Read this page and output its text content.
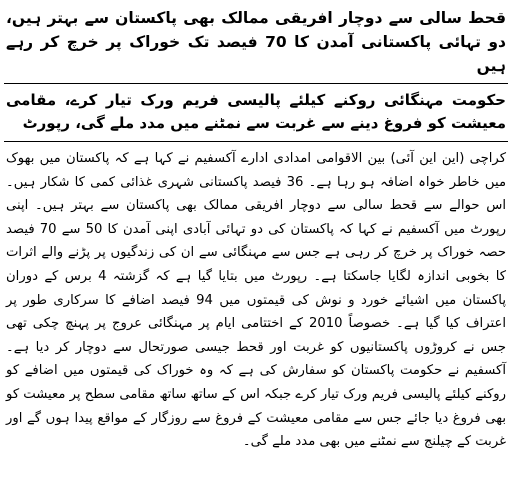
قحط سالی سے دوچار افریقی ممالک بھی پاکستان سے بہتر ہیں، دو تہائی پاکستانی آمدن کا 70 فیصد تک خوراک پر خرچ کر رہے ہیں
حکومت مہنگائی روکنے کیلئے پالیسی فریم ورک تیار کرے، مقامی معیشت کو فروغ دینے سے غربت سے نمٹنے میں مدد ملے گی، رپورٹ
کراچی (این این آئی) بین الاقوامی امدادی ادارے آکسفیم نے کہا ہے کہ پاکستان میں بھوک میں خاطر خواہ اضافہ ہو رہا ہے۔ 36 فیصد پاکستانی شہری غذائی کمی کا شکار ہیں۔ اس حوالے سے قحط سالی سے دوچار افریقی ممالک بھی پاکستان سے بہتر ہیں۔ اپنی رپورٹ میں آکسفیم نے کہا کہ پاکستان کی دو تہائی آبادی اپنی آمدن کا 50 سے 70 فیصد حصہ خوراک پر خرچ کر رہی ہے جس سے مہنگائی سے ان کی زندگیوں پر پڑنے والے اثرات کا بخوبی اندازہ لگایا جاسکتا ہے۔ رپورٹ میں بتایا گیا ہے کہ گزشتہ 4 برس کے دوران پاکستان میں اشیائے خورد و نوش کی قیمتوں میں 94 فیصد اضافے کا سرکاری طور پر اعتراف کیا گیا ہے۔ خصوصاً 2010 کے اختتامی ایام پر مہنگائی عروج پر پہنچ چکی تھی جس نے کروڑوں پاکستانیوں کو غربت اور قحط جیسی صورتحال سے دوچار کر دیا ہے۔ آکسفیم نے حکومت پاکستان کو سفارش کی ہے کہ وہ خوراک کی قیمتوں میں اضافے کو روکنے کیلئے پالیسی فریم ورک تیار کرے جبکہ اس کے ساتھ ساتھ مقامی سطح پر معیشت کو بھی فروغ دیا جائے جس سے مقامی معیشت کے فروغ سے روزگار کے مواقع پیدا ہوں گے اور غربت کے چیلنج سے نمٹنے میں بھی مدد ملے گی۔
